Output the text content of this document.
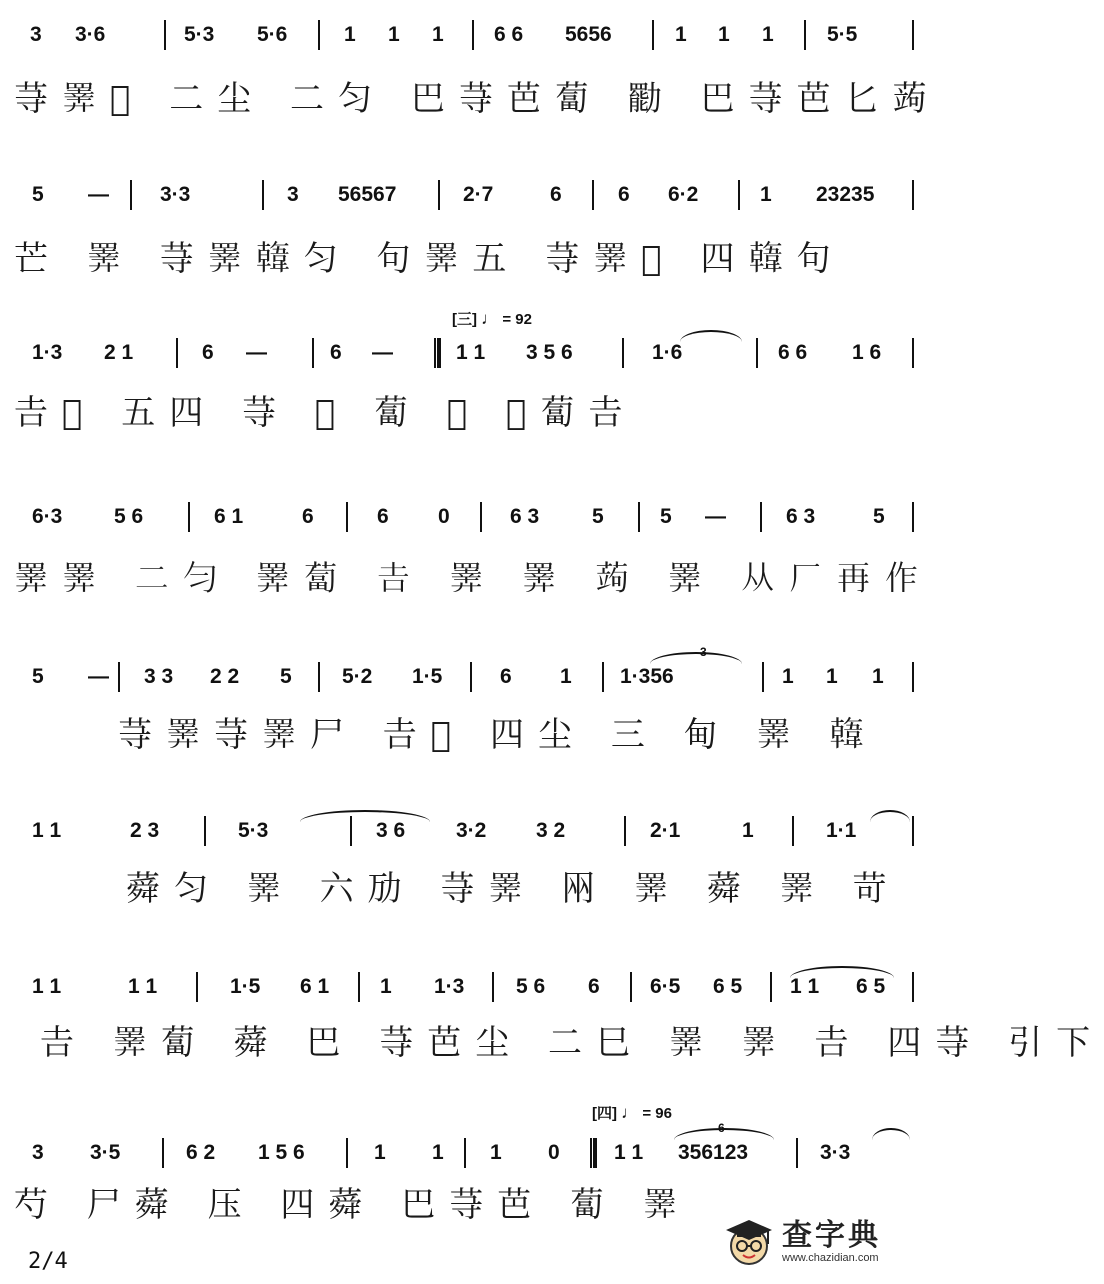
3 3·6	5·3 5·6	1 1 1 6 6 5656	1 1 1	5·5
䒭𢍰𢈩 二尘 二匀 巴䒭芭蔔 㔥 巴䒭芭匕蒟
5 — 3·3	3 56567	2·7	6	6 6·2	1 23235
芒 𢍰 䒭𢍰𩏑匀 句𢍰五 䒭𢍰𢈩 四𩏑句
[三] ♩ = 92
1·3 2 1	6 —	6 —	1 1 3 5 6	1·6	6 6 1 6
𠮷𢈩 五四 䒭 𢍰 蔔 𢍰 𢍰蔔𠮷
6·3 5 6	6 1	6	6 0	6 3	5	5 —	6 3	5
𢍰𢍰 二匀 𢍰蔔 𠮷 𢍰 𢍰 蒟 𢍰 从厂再作
5 — 3 3 2 2 5 5·2 1·5	6 1 1·356	1 1 1
3
䒭𢍰䒭𢍰尸 𠮷𢈩 四尘 三 甸 𢍰 𩏑
1 1	2 3	5·3	3 6 3·2 3 2	2·1	1	1·1
蕣匀 𢍰 六劢 䒭𢍰 㒳 𢍰 蕣 𢍰 苛
1 1	1 1	1·5 6 1 1 1·3 5 6 6 6·5 6 5 1 1 6 5
𠮷 𢍰蔔 蕣 巴 䒭芭尘 二巳 𢍰 𢍰 𠮷 四䒭 引下
[四] ♩ = 96
3 3·5	6 2 1 5 6	1 1 1 0	1 1 356123	3·3
6
芍 尸蕣 压 四蕣 巴䒭芭 蔔 𢍰
2/4
查字典
www.chazidian.com
